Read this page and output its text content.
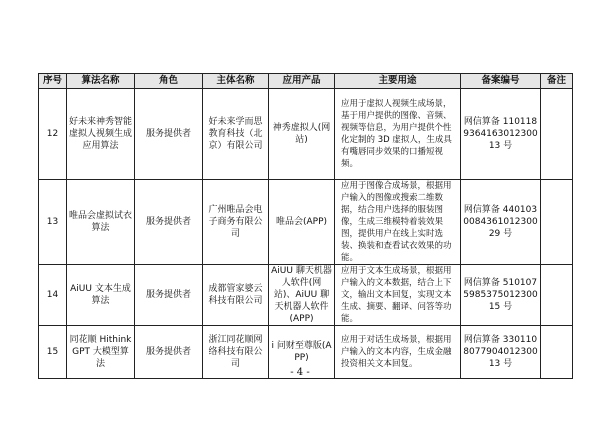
序号	算法名称	角色	主体名称	应用产品	主要用途	备案编号	备注
12	好未来神秀智能虚拟人视频生成应用算法	服务提供者	好未来学而思教育科技（北京）有限公司	神秀虚拟人(网站)	应用于虚拟人视频生成场景，基于用户提供的图像、音频、视频等信息，为用户提供个性化定制的 3D 虚拟人，生成具有嘴唇同步效果的口播短视频。	网信算备 110118936416301230013 号	
13	唯品会虚拟试衣算法	服务提供者	广州唯品会电子商务有限公司	唯品会(APP)	应用于图像合成场景，根据用户输入的图像或搜索二维数据，结合用户选择的服装图像，生成三维模特着装效果图，提供用户在线上实时选装、换装和查看试衣效果的功能。	网信算备 440103008436101230029 号	
14	AiUU 文本生成算法	服务提供者	成都管家婆云科技有限公司	AiUU 聊天机器人软件(网站)、AiUU 聊天机器人软件(APP)	应用于文本生成场景，根据用户输入的文本数据，结合上下文，输出文本回复，实现文本生成、摘要、翻译、问答等功能。	网信算备 510107598537501230015 号	
15	同花顺 HithinkGPT 大模型算法	服务提供者	浙江同花顺网络科技有限公司	i 问财至尊版(APP)	应用于对话生成场景，根据用户输入的文本内容，生成金融投资相关文本回复。	网信算备 330110807790401230013 号	
- 4 -
